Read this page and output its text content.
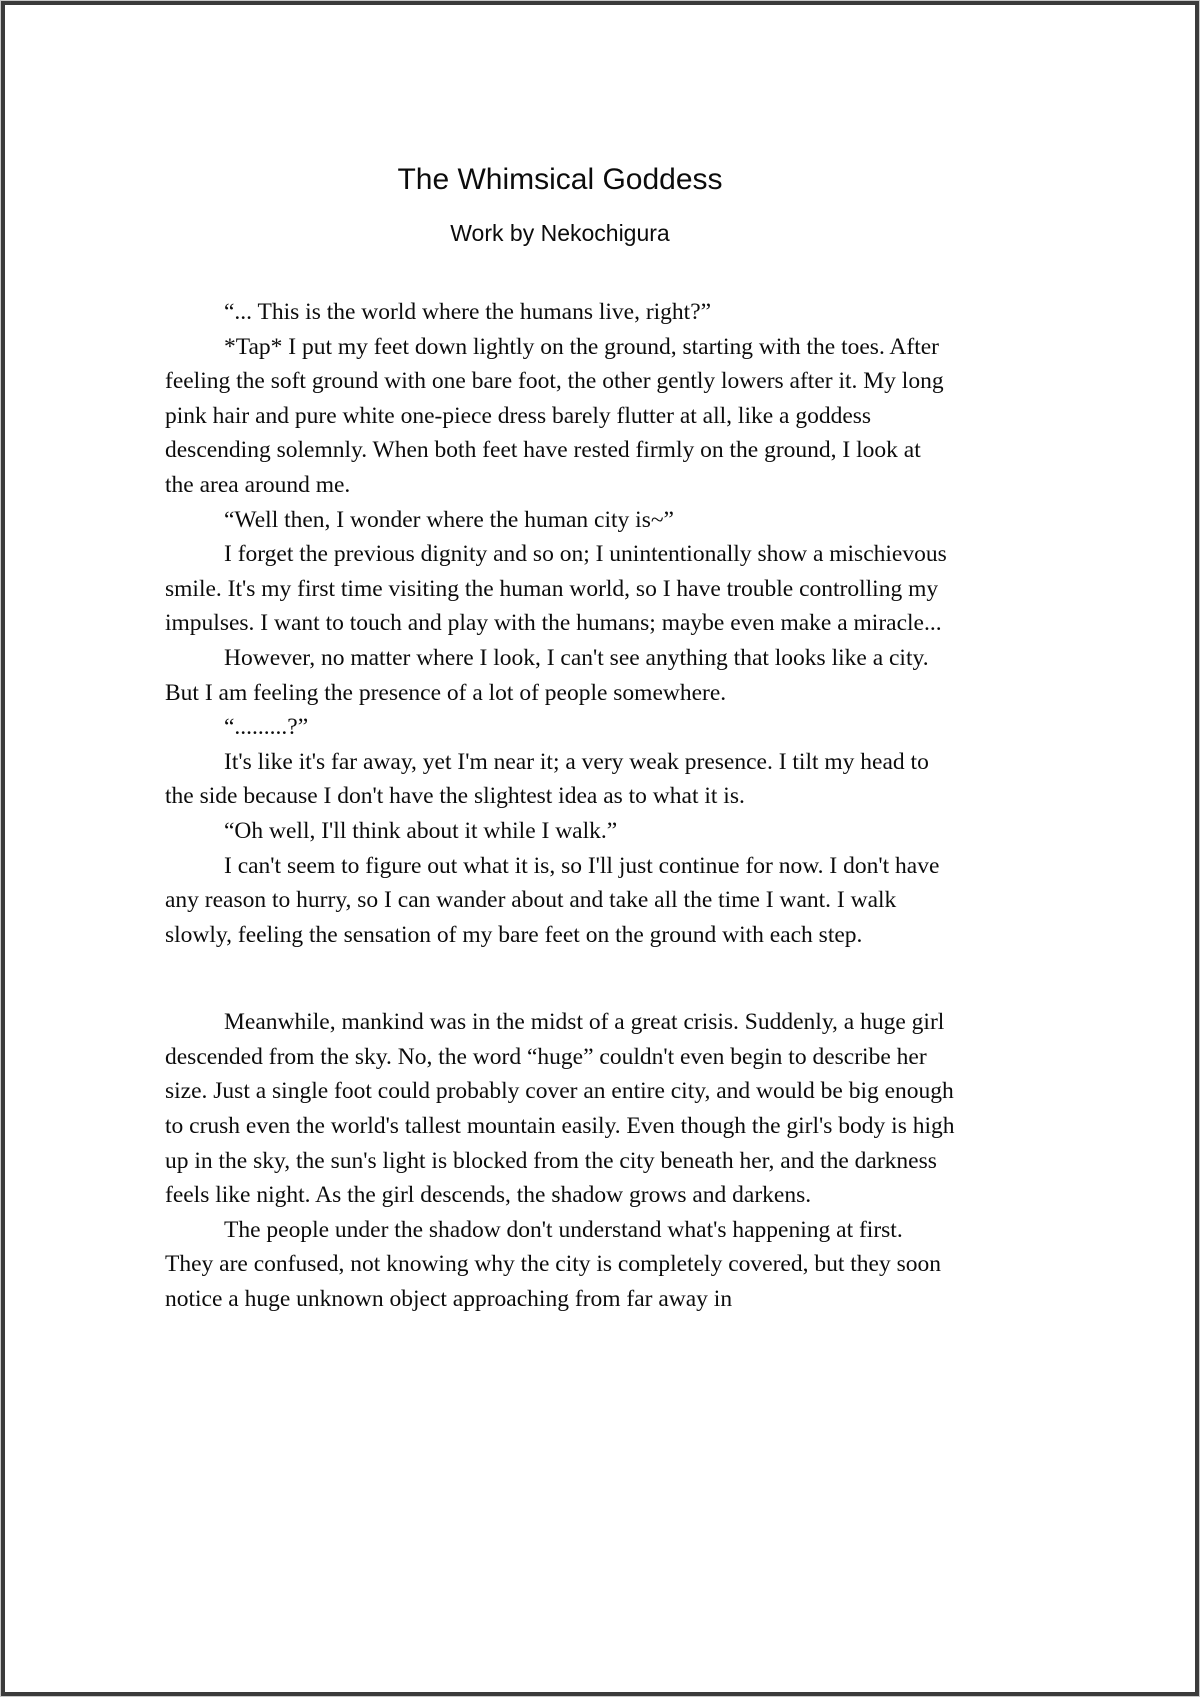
The Whimsical Goddess
Work by Nekochigura

“... This is the world where the humans live, right?”

*Tap* I put my feet down lightly on the ground, starting with the toes. After feeling the soft ground with one bare foot, the other gently lowers after it. My long pink hair and pure white one-piece dress barely flutter at all, like a goddess descending solemnly. When both feet have rested firmly on the ground, I look at the area around me.

“Well then, I wonder where the human city is~”

I forget the previous dignity and so on; I unintentionally show a mischievous smile. It's my first time visiting the human world, so I have trouble controlling my impulses. I want to touch and play with the humans; maybe even make a miracle...

However, no matter where I look, I can't see anything that looks like a city. But I am feeling the presence of a lot of people somewhere.

“.........?”

It's like it's far away, yet I'm near it; a very weak presence. I tilt my head to the side because I don't have the slightest idea as to what it is.

“Oh well, I'll think about it while I walk.”

I can't seem to figure out what it is, so I'll just continue for now. I don't have any reason to hurry, so I can wander about and take all the time I want. I walk slowly, feeling the sensation of my bare feet on the ground with each step.

Meanwhile, mankind was in the midst of a great crisis. Suddenly, a huge girl descended from the sky. No, the word “huge” couldn't even begin to describe her size. Just a single foot could probably cover an entire city, and would be big enough to crush even the world's tallest mountain easily. Even though the girl's body is high up in the sky, the sun's light is blocked from the city beneath her, and the darkness feels like night. As the girl descends, the shadow grows and darkens.

The people under the shadow don't understand what's happening at first. They are confused, not knowing why the city is completely covered, but they soon notice a huge unknown object approaching from far away in
